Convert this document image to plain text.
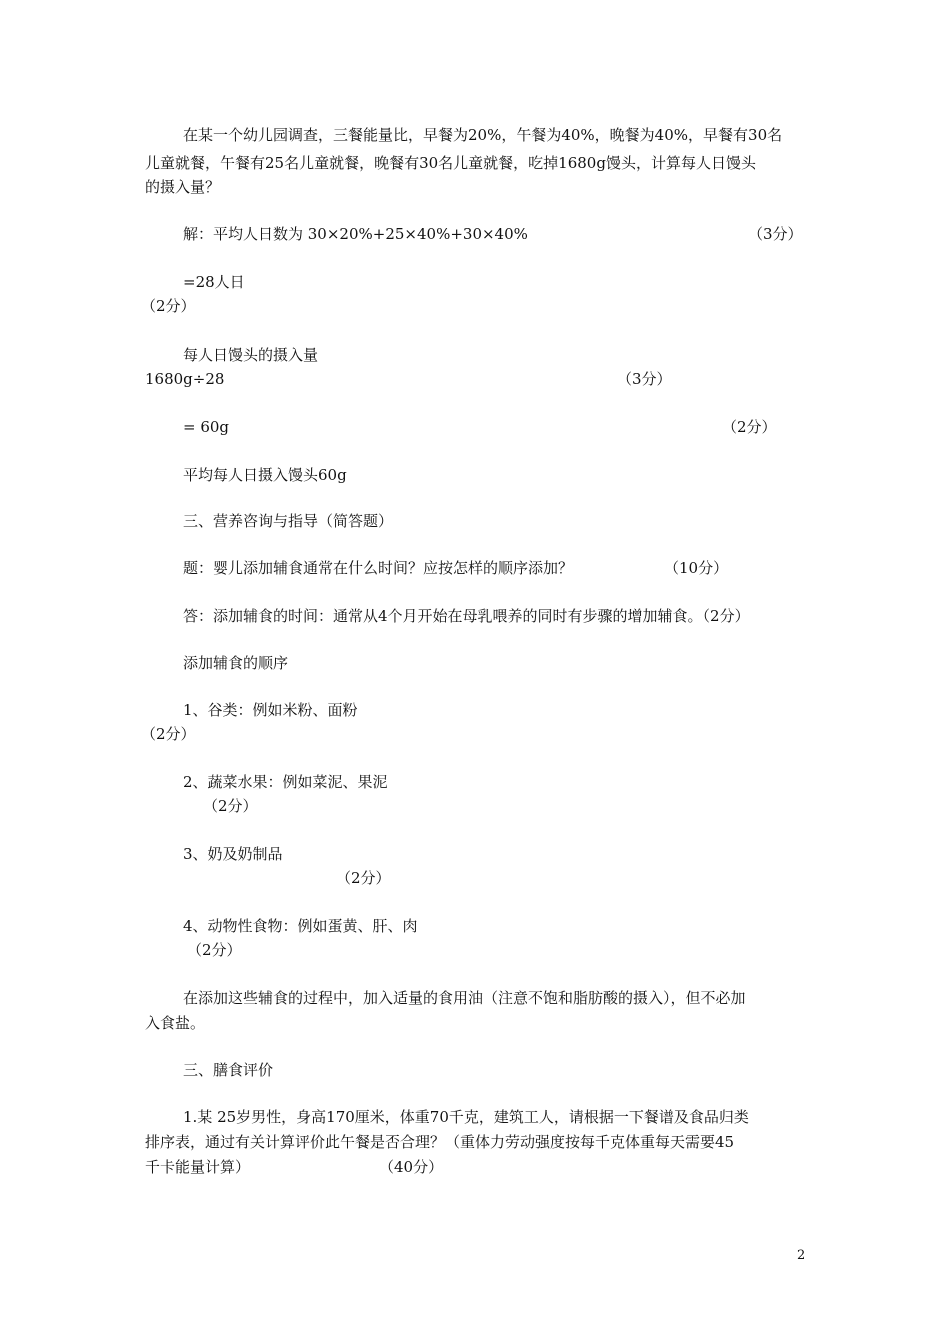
在某一个幼儿园调查，三餐能量比，早餐为20%，午餐为40%，晚餐为40%，早餐有30名
儿童就餐，午餐有25名儿童就餐，晚餐有30名儿童就餐，吃掉1680g馒头，计算每人日馒头
的摄入量？
解：平均人日数为 30×20%+25×40%+30×40%	（3分）
=28人日
（2分）
每人日馒头的摄入量
1680g÷28	（3分）
= 60g	（2分）
平均每人日摄入馒头60g
三、营养咨询与指导（简答题）
题：婴儿添加辅食通常在什么时间？应按怎样的顺序添加？	（10分）
答：添加辅食的时间：通常从4个月开始在母乳喂养的同时有步骤的增加辅食。（2分）
添加辅食的顺序
1、谷类：例如米粉、面粉
（2分）
2、蔬菜水果：例如菜泥、果泥
（2分）
3、奶及奶制品
（2分）
4、动物性食物：例如蛋黄、肝、肉
（2分）
在添加这些辅食的过程中，加入适量的食用油（注意不饱和脂肪酸的摄入），但不必加
入食盐。
三、膳食评价
1.某 25岁男性，身高170厘米，体重70千克，建筑工人，请根据一下餐谱及食品归类
排序表，通过有关计算评价此午餐是否合理？（重体力劳动强度按每千克体重每天需要45
千卡能量计算）	（40分）
2
